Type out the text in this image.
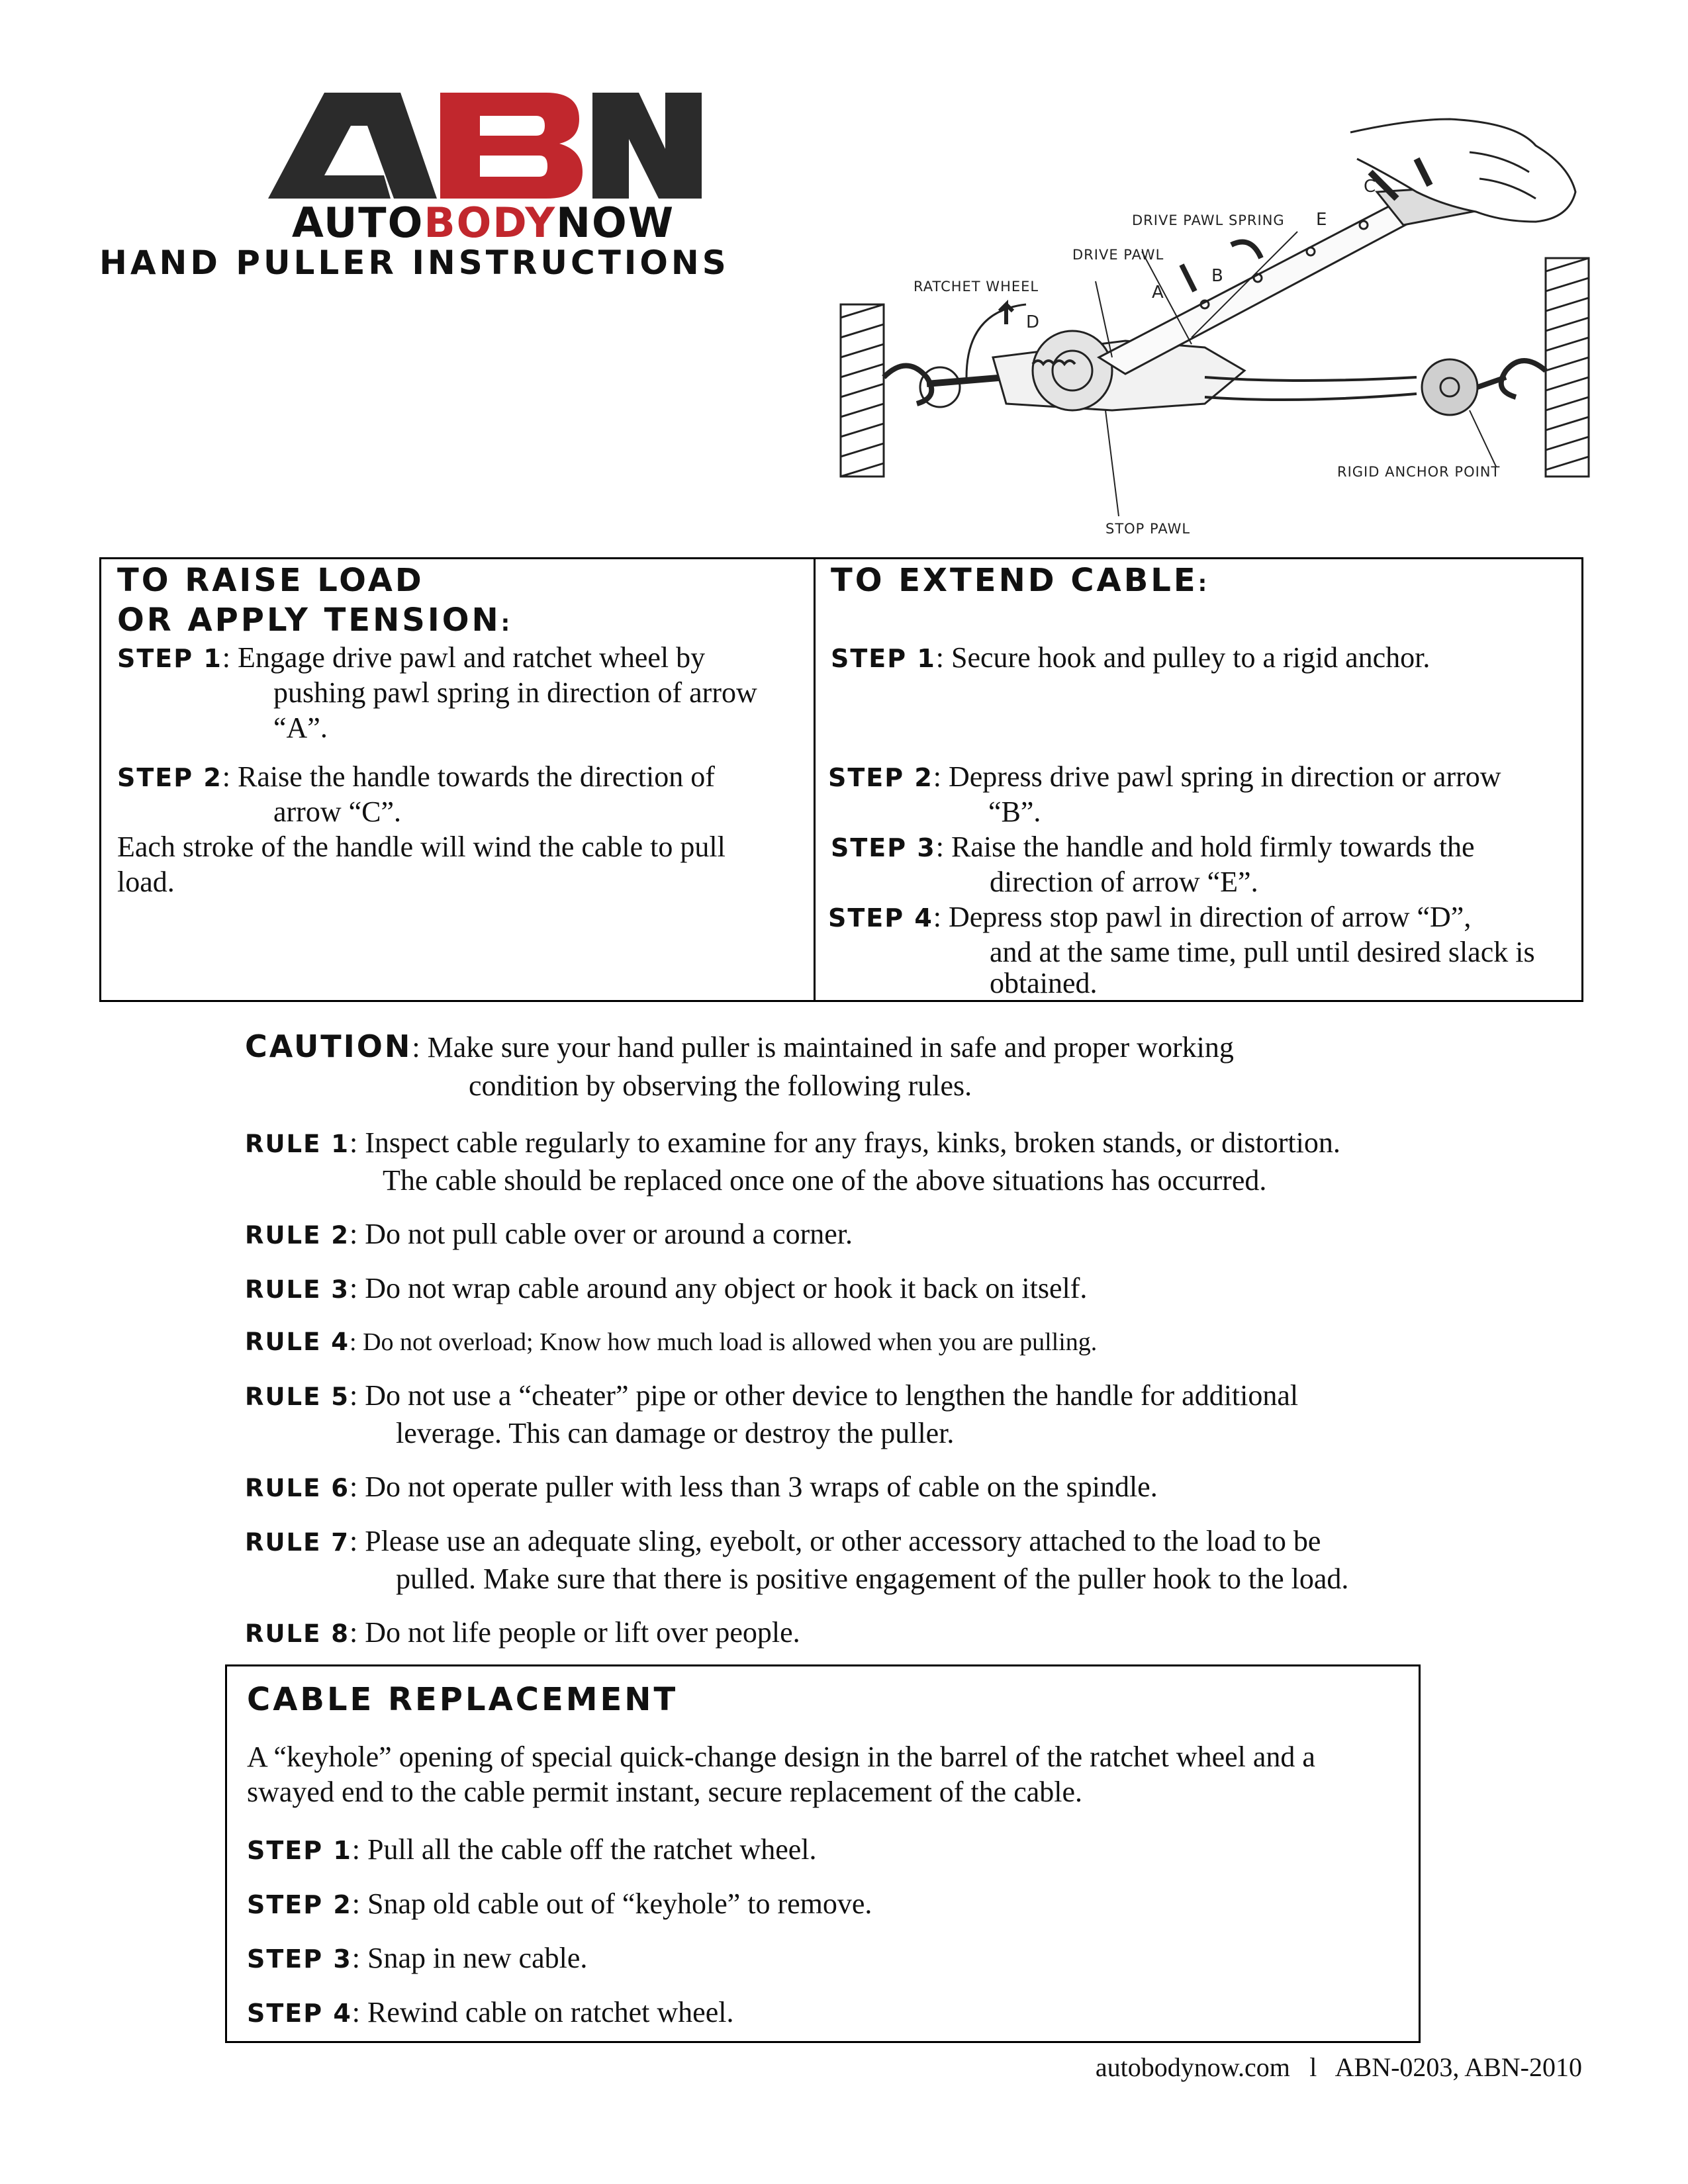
AUTOBODYNOW
HAND PULLER INSTRUCTIONS
C
DRIVE PAWL SPRING E
DRIVE PAWL
B
RATCHET WHEEL	A
D
RIGID ANCHOR POINT
STOP PAWL
TO RAISE LOAD
OR APPLY TENSION:
STEP 1: Engage drive pawl and ratchet wheel by
pushing pawl spring in direction of arrow
“A”.
STEP 2: Raise the handle towards the direction of
arrow “C”.
Each stroke of the handle will wind the cable to pull load.
TO EXTEND CABLE:
STEP 1: Secure hook and pulley to a rigid anchor.
STEP 2: Depress drive pawl spring in direction or arrow
“B”.
STEP 3: Raise the handle and hold firmly towards the
direction of arrow “E”.
STEP 4: Depress stop pawl in direction of arrow “D”,
and at the same time, pull until desired slack is
obtained.
CAUTION: Make sure your hand puller is maintained in safe and proper working
condition by observing the following rules.
RULE 1: Inspect cable regularly to examine for any frays, kinks, broken stands, or distortion.
The cable should be replaced once one of the above situations has occurred.
RULE 2: Do not pull cable over or around a corner.
RULE 3: Do not wrap cable around any object or hook it back on itself.
RULE 4: Do not overload; Know how much load is allowed when you are pulling.
RULE 5: Do not use a “cheater” pipe or other device to lengthen the handle for additional
leverage. This can damage or destroy the puller.
RULE 6: Do not operate puller with less than 3 wraps of cable on the spindle.
RULE 7: Please use an adequate sling, eyebolt, or other accessory attached to the load to be
pulled. Make sure that there is positive engagement of the puller hook to the load.
RULE 8: Do not life people or lift over people.
CABLE REPLACEMENT
A “keyhole” opening of special quick-change design in the barrel of the ratchet wheel and a swayed end to the cable permit instant, secure replacement of the cable.
STEP 1: Pull all the cable off the ratchet wheel.
STEP 2: Snap old cable out of “keyhole” to remove.
STEP 3: Snap in new cable.
STEP 4: Rewind cable on ratchet wheel.
autobodynow.com l ABN-0203, ABN-2010
